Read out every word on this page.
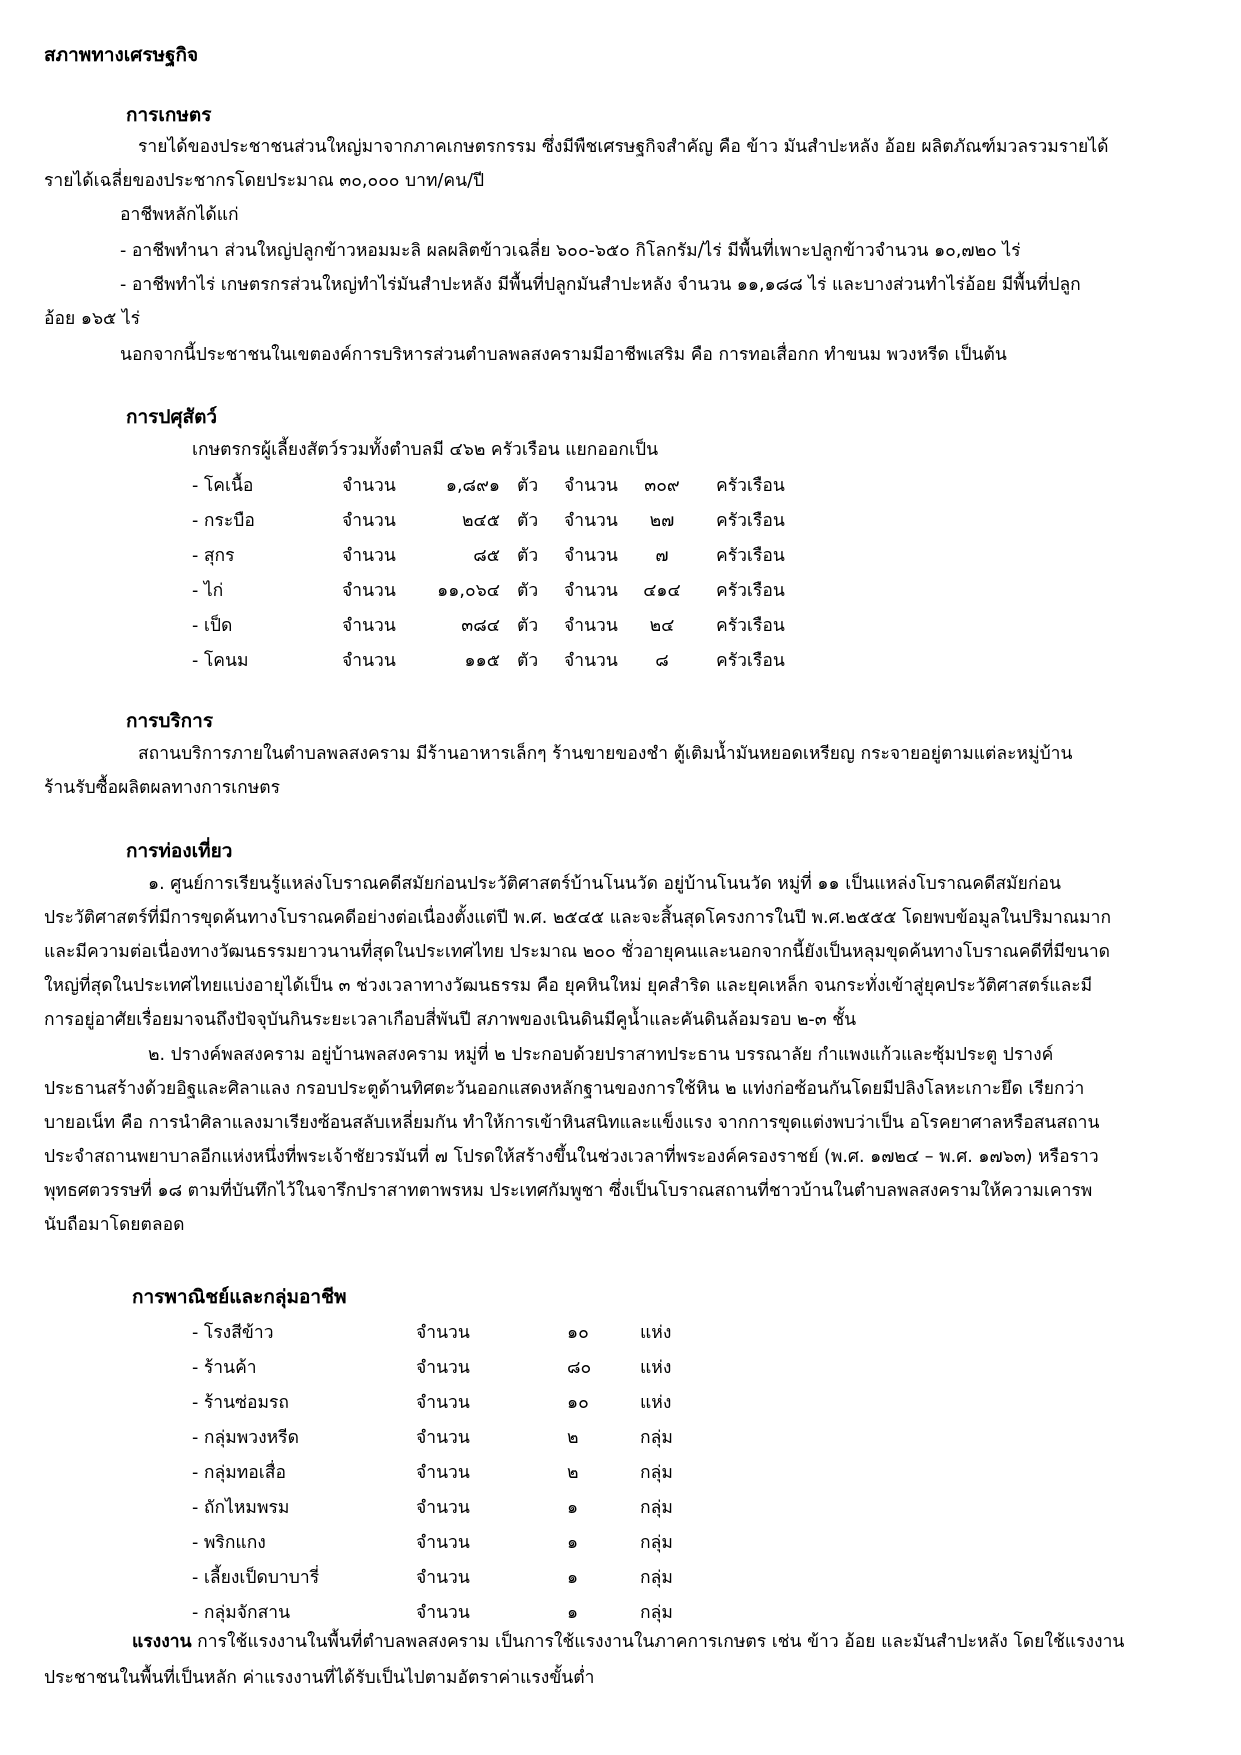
สภาพทางเศรษฐกิจ
การเกษตร
รายได้ของประชาชนส่วนใหญ่มาจากภาคเกษตรกรรม ซึ่งมีพืชเศรษฐกิจสำคัญ คือ ข้าว มันสำปะหลัง อ้อย ผลิตภัณฑ์มวลรวมรายได้
รายได้เฉลี่ยของประชากรโดยประมาณ ๓๐,๐๐๐ บาท/คน/ปี
อาชีพหลักได้แก่
- อาชีพทำนา ส่วนใหญ่ปลูกข้าวหอมมะลิ ผลผลิตข้าวเฉลี่ย ๖๐๐-๖๕๐ กิโลกรัม/ไร่ มีพื้นที่เพาะปลูกข้าวจำนวน ๑๐,๗๒๐ ไร่
- อาชีพทำไร่ เกษตรกรส่วนใหญ่ทำไร่มันสำปะหลัง มีพื้นที่ปลูกมันสำปะหลัง จำนวน ๑๑,๑๘๘ ไร่ และบางส่วนทำไร่อ้อย มีพื้นที่ปลูก
อ้อย ๑๖๕ ไร่
นอกจากนี้ประชาชนในเขตองค์การบริหารส่วนตำบลพลสงครามมีอาชีพเสริม คือ การทอเสื่อกก ทำขนม พวงหรีด เป็นต้น
การปศุสัตว์
เกษตรกรผู้เลี้ยงสัตว์รวมทั้งตำบลมี ๔๖๒ ครัวเรือน แยกออกเป็น
- โคเนื้อ	จำนวน	๑,๘๙๑ ตัว จำนวน	๓๐๙	ครัวเรือน
- กระบือ	จำนวน	๒๔๕ ตัว จำนวน	๒๗	ครัวเรือน
- สุกร	จำนวน	๘๕ ตัว จำนวน	๗	ครัวเรือน
- ไก่	จำนวน	๑๑,๐๖๔ ตัว จำนวน	๔๑๔	ครัวเรือน
- เป็ด	จำนวน	๓๘๔ ตัว จำนวน	๒๔	ครัวเรือน
- โคนม	จำนวน	๑๑๕ ตัว จำนวน	๘	ครัวเรือน
การบริการ
สถานบริการภายในตำบลพลสงคราม มีร้านอาหารเล็กๆ ร้านขายของชำ ตู้เติมน้ำมันหยอดเหรียญ กระจายอยู่ตามแต่ละหมู่บ้าน
ร้านรับซื้อผลิตผลทางการเกษตร
การท่องเที่ยว
๑. ศูนย์การเรียนรู้แหล่งโบราณคดีสมัยก่อนประวัติศาสตร์บ้านโนนวัด อยู่บ้านโนนวัด หมู่ที่ ๑๑ เป็นแหล่งโบราณคดีสมัยก่อน
ประวัติศาสตร์ที่มีการขุดค้นทางโบราณคดีอย่างต่อเนื่องตั้งแต่ปี พ.ศ. ๒๕๔๕ และจะสิ้นสุดโครงการในปี พ.ศ.๒๕๕๕ โดยพบข้อมูลในปริมาณมาก
และมีความต่อเนื่องทางวัฒนธรรมยาวนานที่สุดในประเทศไทย ประมาณ ๒๐๐ ชั่วอายุคนและนอกจากนี้ยังเป็นหลุมขุดค้นทางโบราณคดีที่มีขนาด
ใหญ่ที่สุดในประเทศไทยแบ่งอายุได้เป็น ๓ ช่วงเวลาทางวัฒนธรรม คือ ยุคหินใหม่ ยุคสำริด และยุคเหล็ก จนกระทั่งเข้าสู่ยุคประวัติศาสตร์และมี
การอยู่อาศัยเรื่อยมาจนถึงปัจจุบันกินระยะเวลาเกือบสี่พันปี สภาพของเนินดินมีคูน้ำและคันดินล้อมรอบ ๒-๓ ชั้น
๒. ปรางค์พลสงคราม อยู่บ้านพลสงคราม หมู่ที่ ๒ ประกอบด้วยปราสาทประธาน บรรณาลัย กำแพงแก้วและซุ้มประตู ปรางค์
ประธานสร้างด้วยอิฐและศิลาแลง กรอบประตูด้านทิศตะวันออกแสดงหลักฐานของการใช้หิน ๒ แท่งก่อซ้อนกันโดยมีปลิงโลหะเกาะยึด เรียกว่า
บายอเน็ท คือ การนำศิลาแลงมาเรียงซ้อนสลับเหลี่ยมกัน ทำให้การเข้าหินสนิทและแข็งแรง จากการขุดแต่งพบว่าเป็น อโรคยาศาลหรือสนสถาน
ประจำสถานพยาบาลอีกแห่งหนึ่งที่พระเจ้าชัยวรมันที่ ๗ โปรดให้สร้างขึ้นในช่วงเวลาที่พระองค์ครองราชย์ (พ.ศ. ๑๗๒๔ – พ.ศ. ๑๗๖๓) หรือราว
พุทธศตวรรษที่ ๑๘ ตามที่บันทึกไว้ในจารึกปราสาทตาพรหม ประเทศกัมพูชา ซึ่งเป็นโบราณสถานที่ชาวบ้านในตำบลพลสงครามให้ความเคารพ
นับถือมาโดยตลอด
การพาณิชย์และกลุ่มอาชีพ
- โรงสีข้าว	จำนวน	๑๐	แห่ง
- ร้านค้า	จำนวน	๘๐	แห่ง
- ร้านซ่อมรถ	จำนวน	๑๐	แห่ง
- กลุ่มพวงหรีด	จำนวน	๒	กลุ่ม
- กลุ่มทอเสื่อ	จำนวน	๒	กลุ่ม
- ถักไหมพรม	จำนวน	๑	กลุ่ม
- พริกแกง	จำนวน	๑	กลุ่ม
- เลี้ยงเป็ดบาบารี่	จำนวน	๑	กลุ่ม
- กลุ่มจักสาน	จำนวน	๑	กลุ่ม
แรงงาน การใช้แรงงานในพื้นที่ตำบลพลสงคราม เป็นการใช้แรงงานในภาคการเกษตร เช่น ข้าว อ้อย และมันสำปะหลัง โดยใช้แรงงาน
ประชาชนในพื้นที่เป็นหลัก ค่าแรงงานที่ได้รับเป็นไปตามอัตราค่าแรงขั้นต่ำ
